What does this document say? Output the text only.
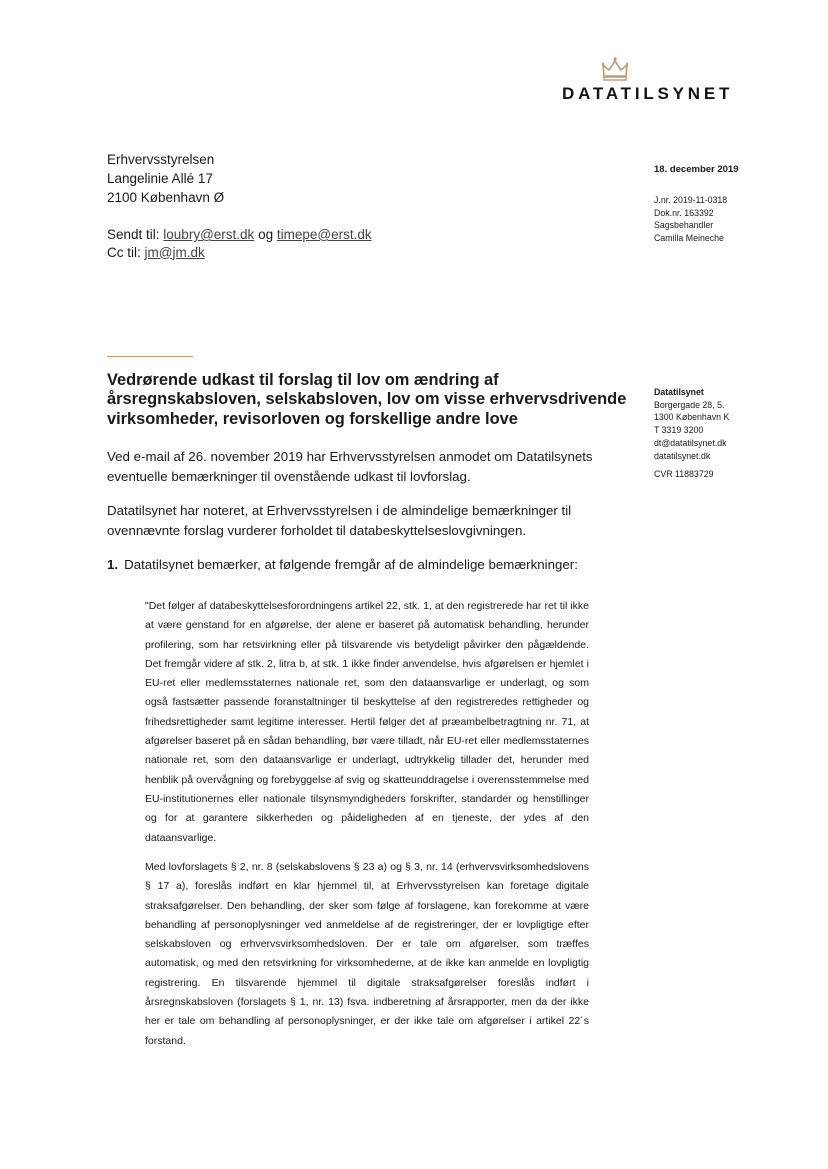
DATATILSYNET
Erhvervsstyrelsen
Langelinie Allé 17
2100 København Ø
Sendt til: loubry@erst.dk og timepe@erst.dk
Cc til: jm@jm.dk
18. december 2019
J.nr. 2019-11-0318
Dok.nr. 163392
Sagsbehandler
Camilla Meineche
Vedrørende udkast til forslag til lov om ændring af årsregnskabsloven, selskabsloven, lov om visse erhvervsdrivende virksomheder, revisorloven og forskellige andre love
Datatilsynet
Borgergade 28, 5.
1300 København K
T 3319 3200
dt@datatilsynet.dk
datatilsynet.dk
CVR 11883729
Ved e-mail af 26. november 2019 har Erhvervsstyrelsen anmodet om Datatilsynets eventuelle bemærkninger til ovenstående udkast til lovforslag.
Datatilsynet har noteret, at Erhvervsstyrelsen i de almindelige bemærkninger til ovennævnte forslag vurderer forholdet til databeskyttelseslovgivningen.
1. Datatilsynet bemærker, at følgende fremgår af de almindelige bemærkninger:
"Det følger af databeskyttelsesforordningens artikel 22, stk. 1, at den registrerede har ret til ikke at være genstand for en afgørelse, der alene er baseret på automatisk behandling, herunder profilering, som har retsvirkning eller på tilsvarende vis betydeligt påvirker den pågældende. Det fremgår videre af stk. 2, litra b, at stk. 1 ikke finder anvendelse, hvis afgørelsen er hjemlet i EU-ret eller medlemsstaternes nationale ret, som den dataansvarlige er underlagt, og som også fastsætter passende foranstaltninger til beskyttelse af den registreredes rettigheder og frihedsrettigheder samt legitime interesser. Hertil følger det af præambelbetragtning nr. 71, at afgørelser baseret på en sådan behandling, bør være tilladt, når EU-ret eller medlemsstaternes nationale ret, som den dataansvarlige er underlagt, udtrykkelig tillader det, herunder med henblik på overvågning og forebyggelse af svig og skatteunddragelse i overensstemmelse med EU-institutionernes eller nationale tilsynsmyndigheders forskrifter, standarder og henstillinger og for at garantere sikkerheden og påideligheden af en tjeneste, der ydes af den dataansvarlige.
Med lovforslagets § 2, nr. 8 (selskabslovens § 23 a) og § 3, nr. 14 (erhvervsvirksomhedslovens § 17 a), foreslås indført en klar hjemmel til, at Erhvervsstyrelsen kan foretage digitale straksafgørelser. Den behandling, der sker som følge af forslagene, kan forekomme at være behandling af personoplysninger ved anmeldelse af de registreringer, der er lovpligtige efter selskabsloven og erhvervsvirksomhedsloven. Der er tale om afgørelser, som træffes automatisk, og med den retsvirkning for virksomhederne, at de ikke kan anmelde en lovpligtig registrering. En tilsvarende hjemmel til digitale straksafgørelser foreslås indført i årsregnskabsloven (forslagets § 1, nr. 13) fsva. indberetning af årsrapporter, men da der ikke her er tale om behandling af personoplysninger, er der ikke tale om afgørelser i artikel 22´s forstand.
